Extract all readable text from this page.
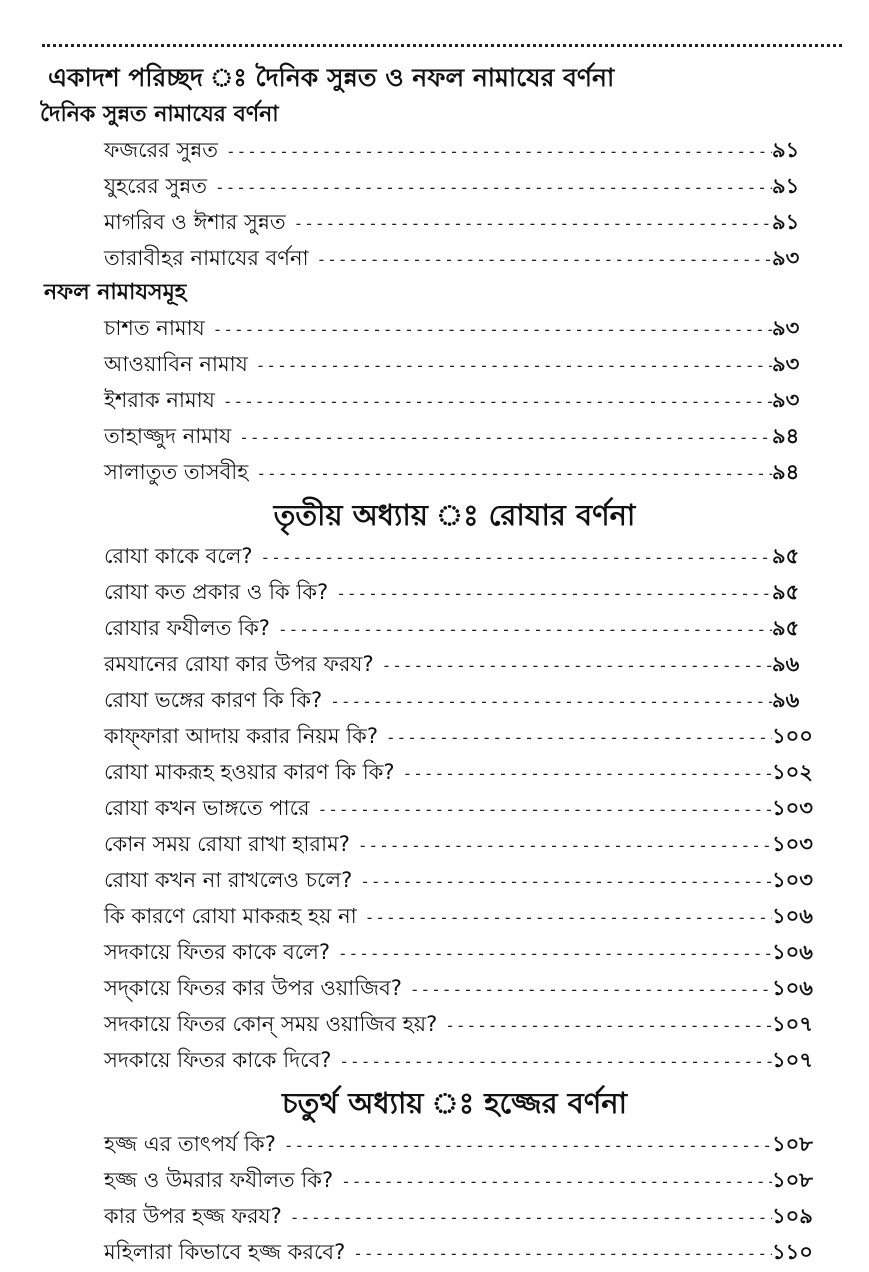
একাদশ পরিচ্ছদ ঃ দৈনিক সুন্নত ও নফল নামাযের বর্ণনা
দৈনিক সুন্নত নামাযের বর্ণনা
ফজরের সুন্নত -----	৯১
যুহরের সুন্নত -----	৯১
মাগরিব ও ঈশার সুন্নত -----	৯১
তারাবীহর নামাযের বর্ণনা -----	৯৩
নফল নামাযসমূহ
চাশত নামায -----	৯৩
আওয়াবিন নামায -----	৯৩
ইশরাক নামায -----	৯৩
তাহাজ্জুদ নামায -----	৯৪
সালাতুত তাসবীহ -----	৯৪
তৃতীয় অধ্যায় ঃ রোযার বর্ণনা
রোযা কাকে বলে? -----	৯৫
রোযা কত প্রকার ও কি কি? -----	৯৫
রোযার ফযীলত কি? -----	৯৫
রমযানের রোযা কার উপর ফরয? -----	৯৬
রোযা ভঙ্গের কারণ কি কি? -----	৯৬
কাফ্‌ফারা আদায় করার নিয়ম কি? -----	১০০
রোযা মাকরূহ হওয়ার কারণ কি কি? -----	১০২
রোযা কখন ভাঙ্গতে পারে -----	১০৩
কোন সময় রোযা রাখা হারাম? -----	১০৩
রোযা কখন না রাখলেও চলে? -----	১০৩
কি কারণে রোযা মাকরূহ হয় না -----	১০৬
সদকায়ে ফিতর কাকে বলে? -----	১০৬
সদ্‌কায়ে ফিতর কার উপর ওয়াজিব? -----	১০৬
সদকায়ে ফিতর কোন্ সময় ওয়াজিব হয়? -----	১০৭
সদকায়ে ফিতর কাকে দিবে? -----	১০৭
চতুর্থ অধ্যায় ঃ হজ্জের বর্ণনা
হজ্জ এর তাৎপর্য কি? -----	১০৮
হজ্জ ও উমরার ফযীলত কি? -----	১০৮
কার উপর হজ্জ ফরয? -----	১০৯
মহিলারা কিভাবে হজ্জ করবে? -----	১১০
